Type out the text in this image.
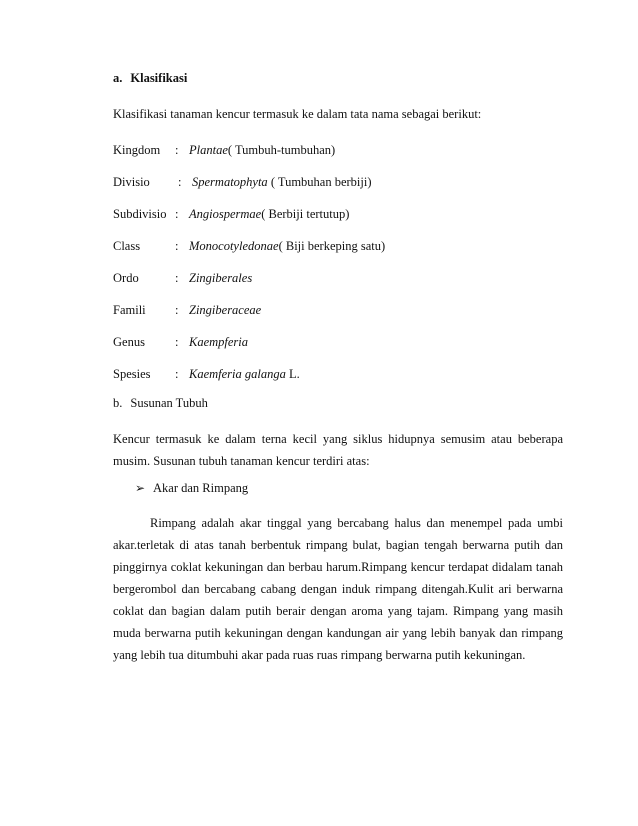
a. Klasifikasi
Klasifikasi tanaman kencur termasuk ke dalam tata nama sebagai berikut:
Kingdom : Plantae( Tumbuh-tumbuhan)
Divisio : Spermatophyta ( Tumbuhan berbiji)
Subdivisio : Angiospermae( Berbiji tertutup)
Class	: Monocotyledonae( Biji berkeping satu)
Ordo	: Zingiberales
Famili : Zingiberaceae
Genus : Kaempferia
Spesies : Kaemferia galanga L.
b. Susunan Tubuh
Kencur termasuk ke dalam terna kecil yang siklus hidupnya semusim atau beberapa musim. Susunan tubuh tanaman kencur terdiri atas:
➢ Akar dan Rimpang
Rimpang adalah akar tinggal yang bercabang halus dan menempel pada umbi akar.terletak di atas tanah berbentuk rimpang bulat, bagian tengah berwarna putih dan pinggirnya coklat kekuningan dan berbau harum.Rimpang kencur terdapat didalam tanah bergerombol dan bercabang cabang dengan induk rimpang ditengah.Kulit ari berwarna coklat dan bagian dalam putih berair dengan aroma yang tajam. Rimpang yang masih muda berwarna putih kekuningan dengan kandungan air yang lebih banyak dan rimpang yang lebih tua ditumbuhi akar pada ruas ruas rimpang berwarna putih kekuningan.
